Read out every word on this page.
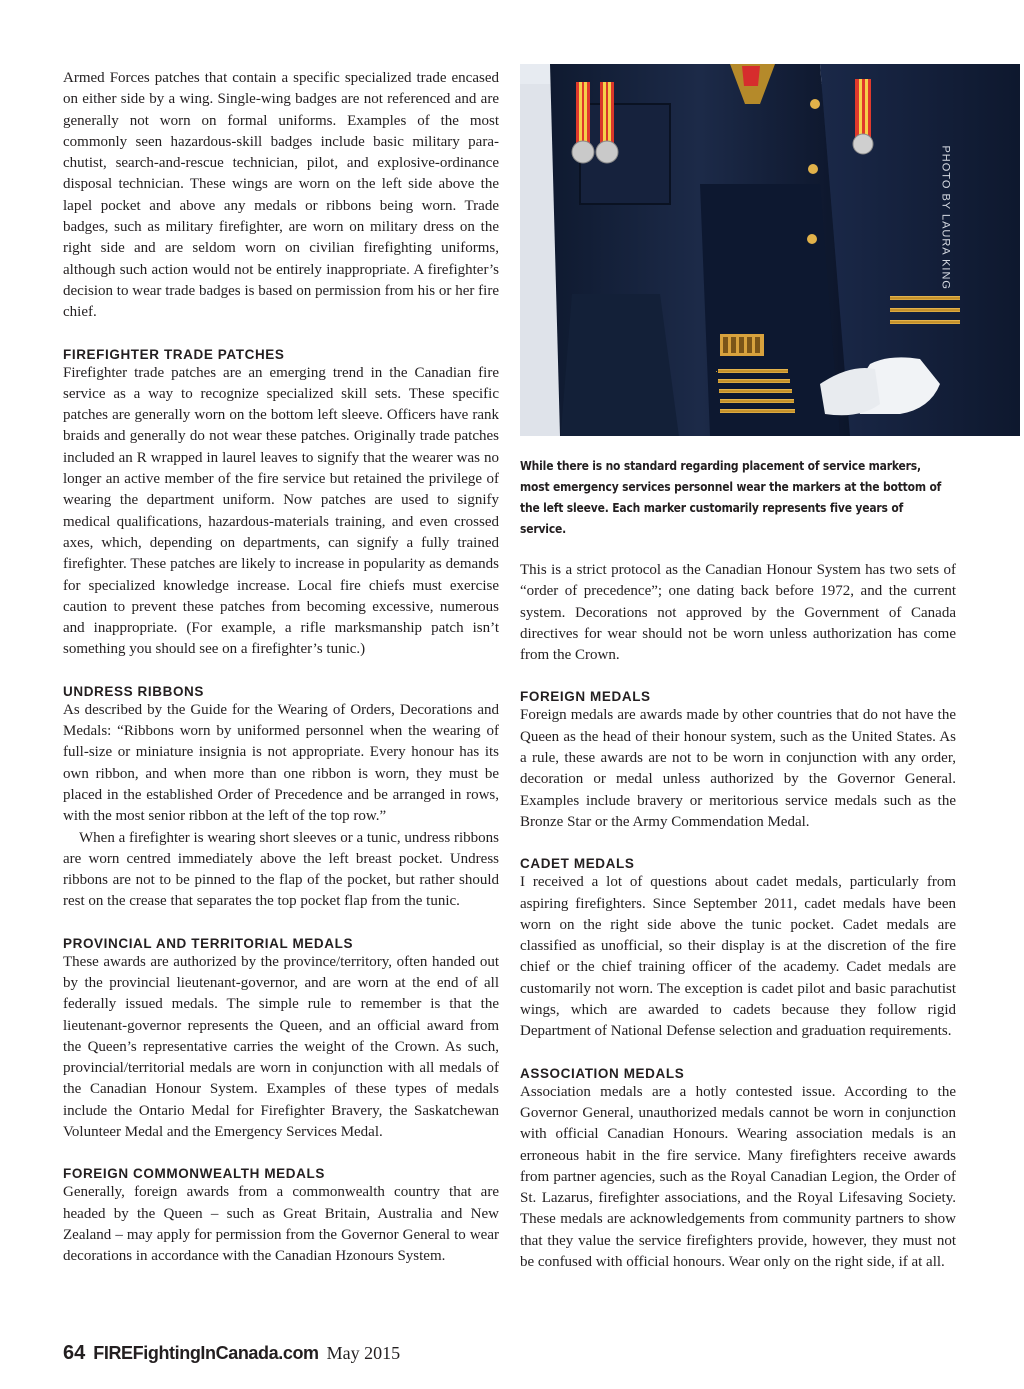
Armed Forces patches that contain a specific specialized trade encased on either side by a wing. Single-wing badges are not referenced and are generally not worn on formal uniforms. Examples of the most commonly seen hazardous-skill badges include basic military parachutist, search-and-rescue technician, pilot, and explosive-ordinance disposal technician. These wings are worn on the left side above the lapel pocket and above any medals or ribbons being worn. Trade badges, such as military firefighter, are worn on military dress on the right side and are seldom worn on civilian firefighting uniforms, although such action would not be entirely inappropriate. A firefighter’s decision to wear trade badges is based on permission from his or her fire chief.

FIREFIGHTER TRADE PATCHES

Firefighter trade patches are an emerging trend in the Canadian fire service as a way to recognize specialized skill sets. These specific patches are generally worn on the bottom left sleeve. Officers have rank braids and generally do not wear these patches. Originally trade patches included an R wrapped in laurel leaves to signify that the wearer was no longer an active member of the fire service but retained the privilege of wearing the department uniform. Now patches are used to signify medical qualifications, hazardous-materials training, and even crossed axes, which, depending on departments, can signify a fully trained firefighter. These patches are likely to increase in popularity as demands for specialized knowledge increase. Local fire chiefs must exercise caution to prevent these patches from becoming excessive, numerous and inappropriate. (For example, a rifle marksmanship patch isn’t something you should see on a firefighter’s tunic.)

UNDRESS RIBBONS

As described by the Guide for the Wearing of Orders, Decorations and Medals: “Ribbons worn by uniformed personnel when the wearing of full-size or miniature insignia is not appropriate. Every honour has its own ribbon, and when more than one ribbon is worn, they must be placed in the established Order of Precedence and be arranged in rows, with the most senior ribbon at the left of the top row.”

When a firefighter is wearing short sleeves or a tunic, undress ribbons are worn centred immediately above the left breast pocket. Undress ribbons are not to be pinned to the flap of the pocket, but rather should rest on the crease that separates the top pocket flap from the tunic.

PROVINCIAL AND TERRITORIAL MEDALS

These awards are authorized by the province/territory, often handed out by the provincial lieutenant-governor, and are worn at the end of all federally issued medals. The simple rule to remember is that the lieutenant-governor represents the Queen, and an official award from the Queen’s representative carries the weight of the Crown. As such, provincial/territorial medals are worn in conjunction with all medals of the Canadian Honour System. Examples of these types of medals include the Ontario Medal for Firefighter Bravery, the Saskatchewan Volunteer Medal and the Emergency Services Medal.

FOREIGN COMMONWEALTH MEDALS

Generally, foreign awards from a commonwealth country that are headed by the Queen – such as Great Britain, Australia and New Zealand – may apply for permission from the Governor General to wear decorations in accordance with the Canadian Hzonours System.

PHOTO BY LAURA KING
While there is no standard regarding placement of service markers, most emergency services personnel wear the markers at the bottom of the left sleeve. Each marker customarily represents five years of service.

This is a strict protocol as the Canadian Honour System has two sets of “order of precedence”; one dating back before 1972, and the current system. Decorations not approved by the Government of Canada directives for wear should not be worn unless authorization has come from the Crown.

FOREIGN MEDALS

Foreign medals are awards made by other countries that do not have the Queen as the head of their honour system, such as the United States. As a rule, these awards are not to be worn in conjunction with any order, decoration or medal unless authorized by the Governor General. Examples include bravery or meritorious service medals such as the Bronze Star or the Army Commendation Medal.

CADET MEDALS

I received a lot of questions about cadet medals, particularly from aspiring firefighters. Since September 2011, cadet medals have been worn on the right side above the tunic pocket. Cadet medals are classified as unofficial, so their display is at the discretion of the fire chief or the chief training officer of the academy. Cadet medals are customarily not worn. The exception is cadet pilot and basic parachutist wings, which are awarded to cadets because they follow rigid Department of National Defense selection and graduation requirements.

ASSOCIATION MEDALS

Association medals are a hotly contested issue. According to the Governor General, unauthorized medals cannot be worn in conjunction with official Canadian Honours. Wearing association medals is an erroneous habit in the fire service. Many firefighters receive awards from partner agencies, such as the Royal Canadian Legion, the Order of St. Lazarus, firefighter associations, and the Royal Lifesaving Society. These medals are acknowledgements from community partners to show that they value the service firefighters provide, however, they must not be confused with official honours. Wear only on the right side, if at all.

64 FIREFightingInCanada.com May 2015
